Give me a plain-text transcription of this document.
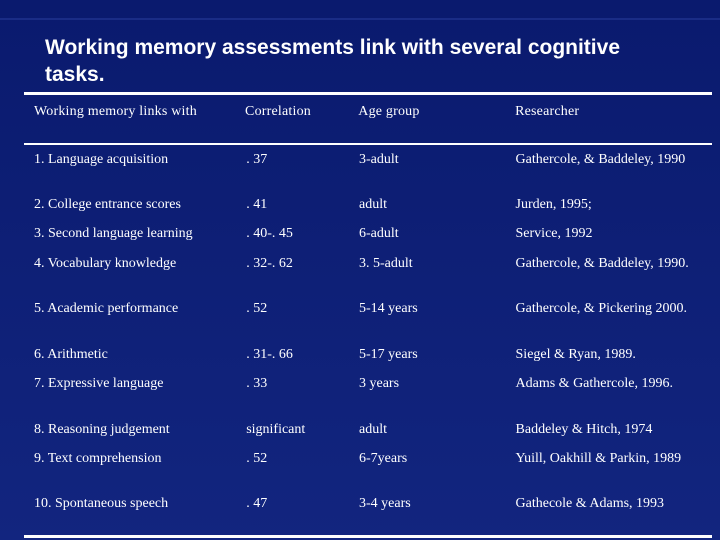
Working memory assessments link with several cognitive tasks.
Working memory links with	Correlation	Age group	Researcher
1. Language acquisition	. 37	3-adult	Gathercole, & Baddeley, 1990
2. College entrance scores	. 41	adult	Jurden, 1995;
3. Second language learning	. 40-. 45	6-adult	Service, 1992
4. Vocabulary knowledge	. 32-. 62	3. 5-adult	Gathercole, & Baddeley, 1990.
5. Academic performance	. 52	5-14 years	Gathercole, & Pickering 2000.
6. Arithmetic	. 31-. 66	5-17 years	Siegel & Ryan, 1989.
7. Expressive language	. 33	3 years	Adams & Gathercole, 1996.
8. Reasoning judgement	significant	adult	Baddeley & Hitch, 1974
9. Text comprehension	. 52	6-7years	Yuill, Oakhill & Parkin, 1989
10. Spontaneous speech	. 47	3-4 years	Gathecole & Adams, 1993
